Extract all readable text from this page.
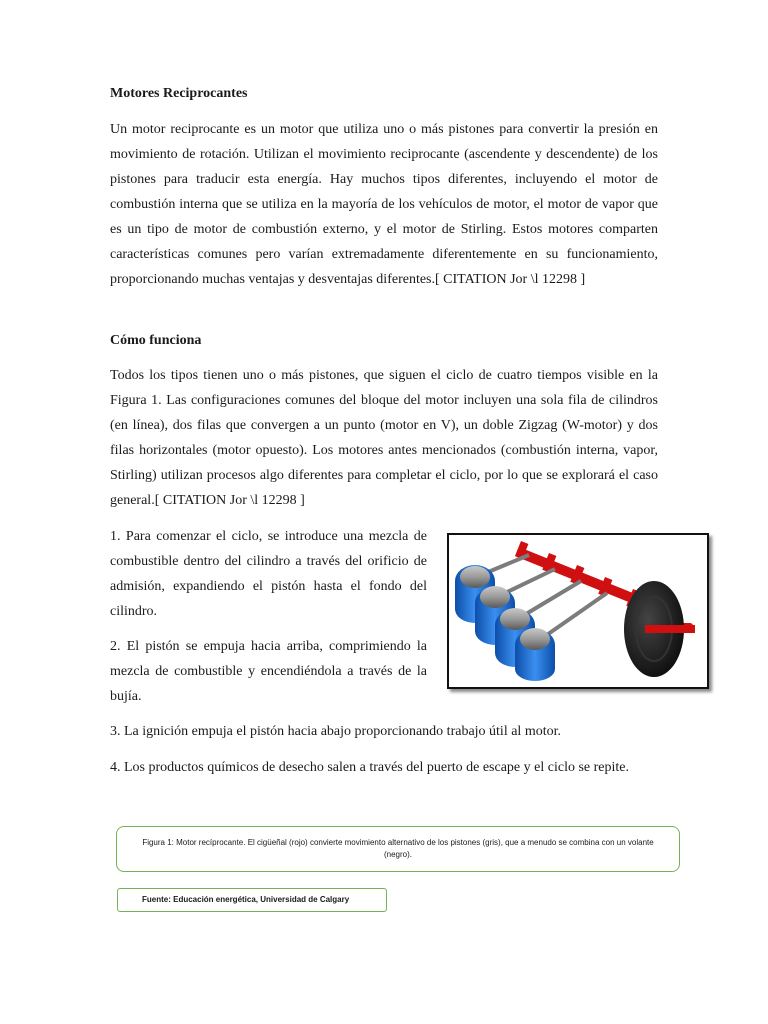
Motores Reciprocantes

Un motor reciprocante es un motor que utiliza uno o más pistones para convertir la presión en movimiento de rotación. Utilizan el movimiento reciprocante (ascendente y descendente) de los pistones para traducir esta energía. Hay muchos tipos diferentes, incluyendo el motor de combustión interna que se utiliza en la mayoría de los vehículos de motor, el motor de vapor que es un tipo de motor de combustión externo, y el motor de Stirling. Estos motores comparten características comunes pero varían extremadamente diferentemente en su funcionamiento, proporcionando muchas ventajas y desventajas diferentes.[ CITATION Jor \l 12298 ]

Cómo funciona

Todos los tipos tienen uno o más pistones, que siguen el ciclo de cuatro tiempos visible en la Figura 1. Las configuraciones comunes del bloque del motor incluyen una sola fila de cilindros (en línea), dos filas que convergen a un punto (motor en V), un doble Zigzag (W-motor) y dos filas horizontales (motor opuesto). Los motores antes mencionados (combustión interna, vapor, Stirling) utilizan procesos algo diferentes para completar el ciclo, por lo que se explorará el caso general.[ CITATION Jor \l 12298 ]

1. Para comenzar el ciclo, se introduce una mezcla de combustible dentro del cilindro a través del orificio de admisión, expandiendo el pistón hasta el fondo del cilindro.

2. El pistón se empuja hacia arriba, comprimiendo la mezcla de combustible y encendiéndola a través de la bujía.

3. La ignición empuja el pistón hacia abajo proporcionando trabajo útil al motor.

4. Los productos químicos de desecho salen a través del puerto de escape y el ciclo se repite.

Figura 1: Motor recíprocante. El cigüeñal (rojo) convierte movimiento alternativo de los pistones (gris), que a menudo se combina con un volante (negro).
Fuente: Educación energética, Universidad de Calgary
